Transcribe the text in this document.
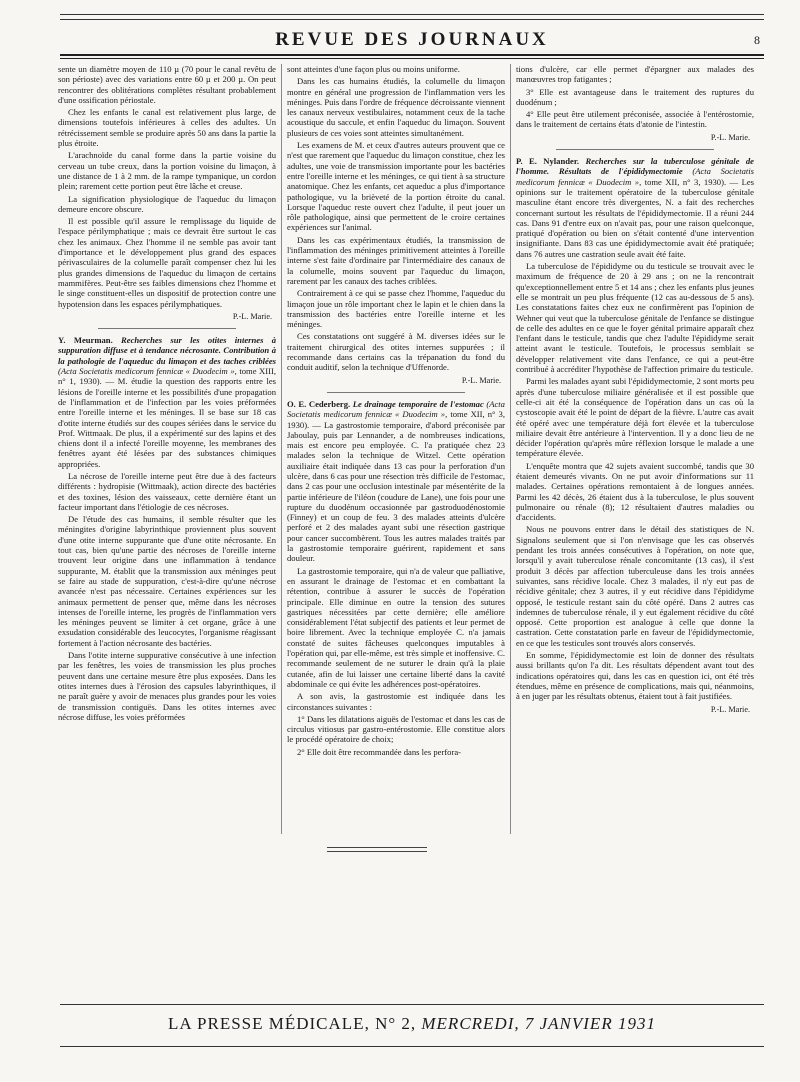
REVUE DES JOURNAUX	8

sente un diamètre moyen de 110 µ (70 pour le canal revêtu de son périoste) avec des variations entre 60 µ et 200 µ. On peut rencontrer des oblitérations complètes résultant probablement d'une ossification périostale.

Chez les enfants le canal est relativement plus large, de dimensions toutefois inférieures à celles des adultes. Un rétrécissement semble se produire après 50 ans dans la partie la plus étroite.

L'arachnoïde du canal forme dans la partie voisine du cerveau un tube creux, dans la portion voisine du limaçon, à une distance de 1 à 2 mm. de la rampe tympanique, un cordon plein; rarement cette portion peut être lâche et creuse.

La signification physiologique de l'aqueduc du limaçon demeure encore obscure.

Il est possible qu'il assure le remplissage du liquide de l'espace périlymphatique ; mais ce devrait être surtout le cas chez les animaux. Chez l'homme il ne semble pas avoir tant d'importance et le développement plus grand des espaces périvasculaires de la columelle paraît compenser chez lui les plus grandes dimensions de l'aqueduc du limaçon de certains mammifères. Peut-être ses faibles dimensions chez l'homme et le singe constituent-elles un dispositif de protection contre une hypotension dans les espaces périlymphatiques.

P.-L. Marie.

Y. Meurman. Recherches sur les otites internes à suppuration diffuse et à tendance nécrosante. Contribution à la pathologie de l'aqueduc du limaçon et des taches criblées (Acta Societatis medicorum fennicæ « Duodecim », tome XIII, n° 1, 1930). — M. étudie la question des rapports entre les lésions de l'oreille interne et les possibilités d'une propagation de l'inflammation et de l'infection par les voies préformées entre l'oreille interne et les méninges. Il se base sur 18 cas d'otite interne étudiés sur des coupes sériées dans le service du Prof. Wittmaak. De plus, il a expérimenté sur des lapins et des chiens dont il a infecté l'oreille moyenne, les membranes des fenêtres ayant été lésées par des substances chimiques appropriées.

La nécrose de l'oreille interne peut être due à des facteurs différents : hydropisie (Wittmaak), action directe des bactéries et des toxines, lésion des vaisseaux, cette dernière étant un facteur important dans l'étiologie de ces nécroses.

De l'étude des cas humains, il semble résulter que les méningites d'origine labyrinthique proviennent plus souvent d'une otite interne suppurante que d'une otite nécrosante. En tout cas, bien qu'une partie des nécroses de l'oreille interne trouvent leur origine dans une inflammation à tendance suppurante, M. établit que la transmission aux méninges peut se faire au stade de suppuration, c'est-à-dire qu'une nécrose avancée n'est pas nécessaire. Certaines expériences sur les animaux permettent de penser que, même dans les nécroses intenses de l'oreille interne, les progrès de l'inflammation vers les méninges peuvent se limiter à cet organe, grâce à une exsudation considérable des leucocytes, l'organisme réagissant fortement à l'action nécrosante des bactéries.

Dans l'otite interne suppurative consécutive à une infection par les fenêtres, les voies de transmission les plus proches peuvent dans une certaine mesure être plus exposées. Dans les otites internes dues à l'érosion des capsules labyrinthiques, il ne paraît guère y avoir de menaces plus grandes pour les voies de transmission contiguës. Dans les otites internes avec nécrose diffuse, les voies préformées

sont atteintes d'une façon plus ou moins uniforme.

Dans les cas humains étudiés, la columelle du limaçon montre en général une progression de l'inflammation vers les méninges. Puis dans l'ordre de fréquence décroissante viennent les canaux nerveux vestibulaires, notamment ceux de la tache acoustique du saccule, et enfin l'aqueduc du limaçon. Souvent plusieurs de ces voies sont atteintes simultanément.

Les examens de M. et ceux d'autres auteurs prouvent que ce n'est que rarement que l'aqueduc du limaçon constitue, chez les adultes, une voie de transmission importante pour les bactéries entre l'oreille interne et les méninges, ce qui tient à sa structure anatomique. Chez les enfants, cet aqueduc a plus d'importance pathologique, vu la brièveté de la portion étroite du canal. Lorsque l'aqueduc reste ouvert chez l'adulte, il peut jouer un rôle pathologique, ainsi que permettent de le croire certaines expériences sur l'animal.

Dans les cas expérimentaux étudiés, la transmission de l'inflammation des méninges primitivement atteintes à l'oreille interne s'est faite d'ordinaire par l'intermédiaire des canaux de la columelle, moins souvent par l'aqueduc du limaçon, rarement par les canaux des taches criblées.

Contrairement à ce qui se passe chez l'homme, l'aqueduc du limaçon joue un rôle important chez le lapin et le chien dans la transmission des bactéries entre l'oreille interne et les méninges.

Ces constatations ont suggéré à M. diverses idées sur le traitement chirurgical des otites internes suppurées ; il recommande dans certains cas la trépanation du fond du conduit auditif, selon la technique d'Uffenorde.

P.-L. Marie.

O. E. Cederberg. Le drainage temporaire de l'estomac (Acta Societatis medicorum fennicæ « Duodecim », tome XII, n° 3, 1930). — La gastrostomie temporaire, d'abord préconisée par Jaboulay, puis par Lennander, a de nombreuses indications, mais est encore peu employée. C. l'a pratiquée chez 23 malades selon la technique de Witzel. Cette opération auxiliaire était indiquée dans 13 cas pour la perforation d'un ulcère, dans 6 cas pour une résection très difficile de l'estomac, dans 2 cas pour une occlusion intestinale par mésentérite de la partie inférieure de l'iléon (coudure de Lane), une fois pour une rupture du duodénum occasionnée par gastroduodénostomie (Finney) et un coup de feu. 3 des malades atteints d'ulcère perforé et 2 des malades ayant subi une résection gastrique pour cancer succombèrent. Tous les autres malades traités par la gastrostomie temporaire guérirent, rapidement et sans douleur.

La gastrostomie temporaire, qui n'a de valeur que palliative, en assurant le drainage de l'estomac et en combattant la rétention, contribue à assurer le succès de l'opération principale. Elle diminue en outre la tension des sutures gastriques nécessitées par cette dernière; elle améliore considérablement l'état subjectif des patients et leur permet de boire librement. Avec la technique employée C. n'a jamais constaté de suites fâcheuses quelconques imputables à l'opération qui, par elle-même, est très simple et inoffensive. C. recommande seulement de ne suturer le drain qu'à la plaie cutanée, afin de lui laisser une certaine liberté dans la cavité abdominale ce qui évite les adhérences post-opératoires.

A son avis, la gastrostomie est indiquée dans les circonstances suivantes :

1° Dans les dilatations aiguës de l'estomac et dans les cas de circulus vitiosus par gastro-entérostomie. Elle constitue alors le procédé opératoire de choix;

2° Elle doit être recommandée dans les perfora-

tions d'ulcère, car elle permet d'épargner aux malades des manœuvres trop fatigantes ;

3° Elle est avantageuse dans le traitement des ruptures du duodénum ;

4° Elle peut être utilement préconisée, associée à l'entérostomie, dans le traitement de certains états d'atonie de l'intestin.

P.-L. Marie.

P. E. Nylander. Recherches sur la tuberculose génitale de l'homme. Résultats de l'épididymectomie (Acta Societatis medicorum fennicæ « Duodecim », tome XII, n° 3, 1930). — Les opinions sur le traitement opératoire de la tuberculose génitale masculine étant encore très divergentes, N. a fait des recherches concernant surtout les résultats de l'épididymectomie. Il a réuni 244 cas. Dans 91 d'entre eux on n'avait pas, pour une raison quelconque, pratiqué d'opération ou bien on s'était contenté d'une intervention insignifiante. Dans 83 cas une épididymectomie avait été pratiquée; dans 76 autres une castration seule avait été faite.

La tuberculose de l'épididyme ou du testicule se trouvait avec le maximum de fréquence de 20 à 29 ans ; on ne la rencontrait qu'exceptionnellement entre 5 et 14 ans ; chez les enfants plus jeunes elle se montrait un peu plus fréquente (12 cas au-dessous de 5 ans). Les constatations faites chez eux ne confirmèrent pas l'opinion de Wehner qui veut que la tuberculose génitale de l'enfance se distingue de celle des adultes en ce que le foyer génital primaire apparaît chez l'enfant dans le testicule, tandis que chez l'adulte l'épididyme serait atteint avant le testicule. Toutefois, le processus semblait se développer relativement vite dans l'enfance, ce qui a peut-être contribué à accréditer l'hypothèse de l'affection primaire du testicule.

Parmi les malades ayant subi l'épididymectomie, 2 sont morts peu après d'une tuberculose miliaire généralisée et il est possible que celle-ci ait été la conséquence de l'opération dans un cas où la cystoscopie avait été le point de départ de la fièvre. L'autre cas avait été opéré avec une température déjà fort élevée et la tuberculose miliaire devait être antérieure à l'intervention. Il y a donc lieu de ne décider l'opération qu'après mûre réflexion lorsque le malade a une température élevée.

L'enquête montra que 42 sujets avaient succombé, tandis que 30 étaient demeurés vivants. On ne put avoir d'informations sur 11 malades. Certaines opérations remontaient à de longues années. Parmi les 42 décès, 26 étaient dus à la tuberculose, le plus souvent pulmonaire ou rénale (8); 12 résultaient d'autres maladies ou d'accidents.

Nous ne pouvons entrer dans le détail des statistiques de N. Signalons seulement que si l'on n'envisage que les cas observés pendant les trois années consécutives à l'opération, on note que, lorsqu'il y avait tuberculose rénale concomitante (13 cas), il s'est produit 3 décès par affection tuberculeuse dans les trois années suivantes, sans récidive locale. Chez 3 malades, il n'y eut pas de récidive génitale; chez 3 autres, il y eut récidive dans l'épididyme opposé, le testicule restant sain du côté opéré. Dans 2 autres cas indemnes de tuberculose rénale, il y eut également récidive du côté opposé. Cette proportion est analogue à celle que donne la castration. Cette constatation parle en faveur de l'épididymectomie, en ce que les testicules sont trouvés alors conservés.

En somme, l'épididymectomie est loin de donner des résultats aussi brillants qu'on l'a dit. Les résultats dépendent avant tout des indications opératoires qui, dans les cas en question ici, ont été très étendues, même en présence de complications, mais qui, néanmoins, à en juger par les résultats obtenus, étaient tout à fait justifiées.

P.-L. Marie.

LA PRESSE MÉDICALE, N° 2, MERCREDI, 7 JANVIER 1931
